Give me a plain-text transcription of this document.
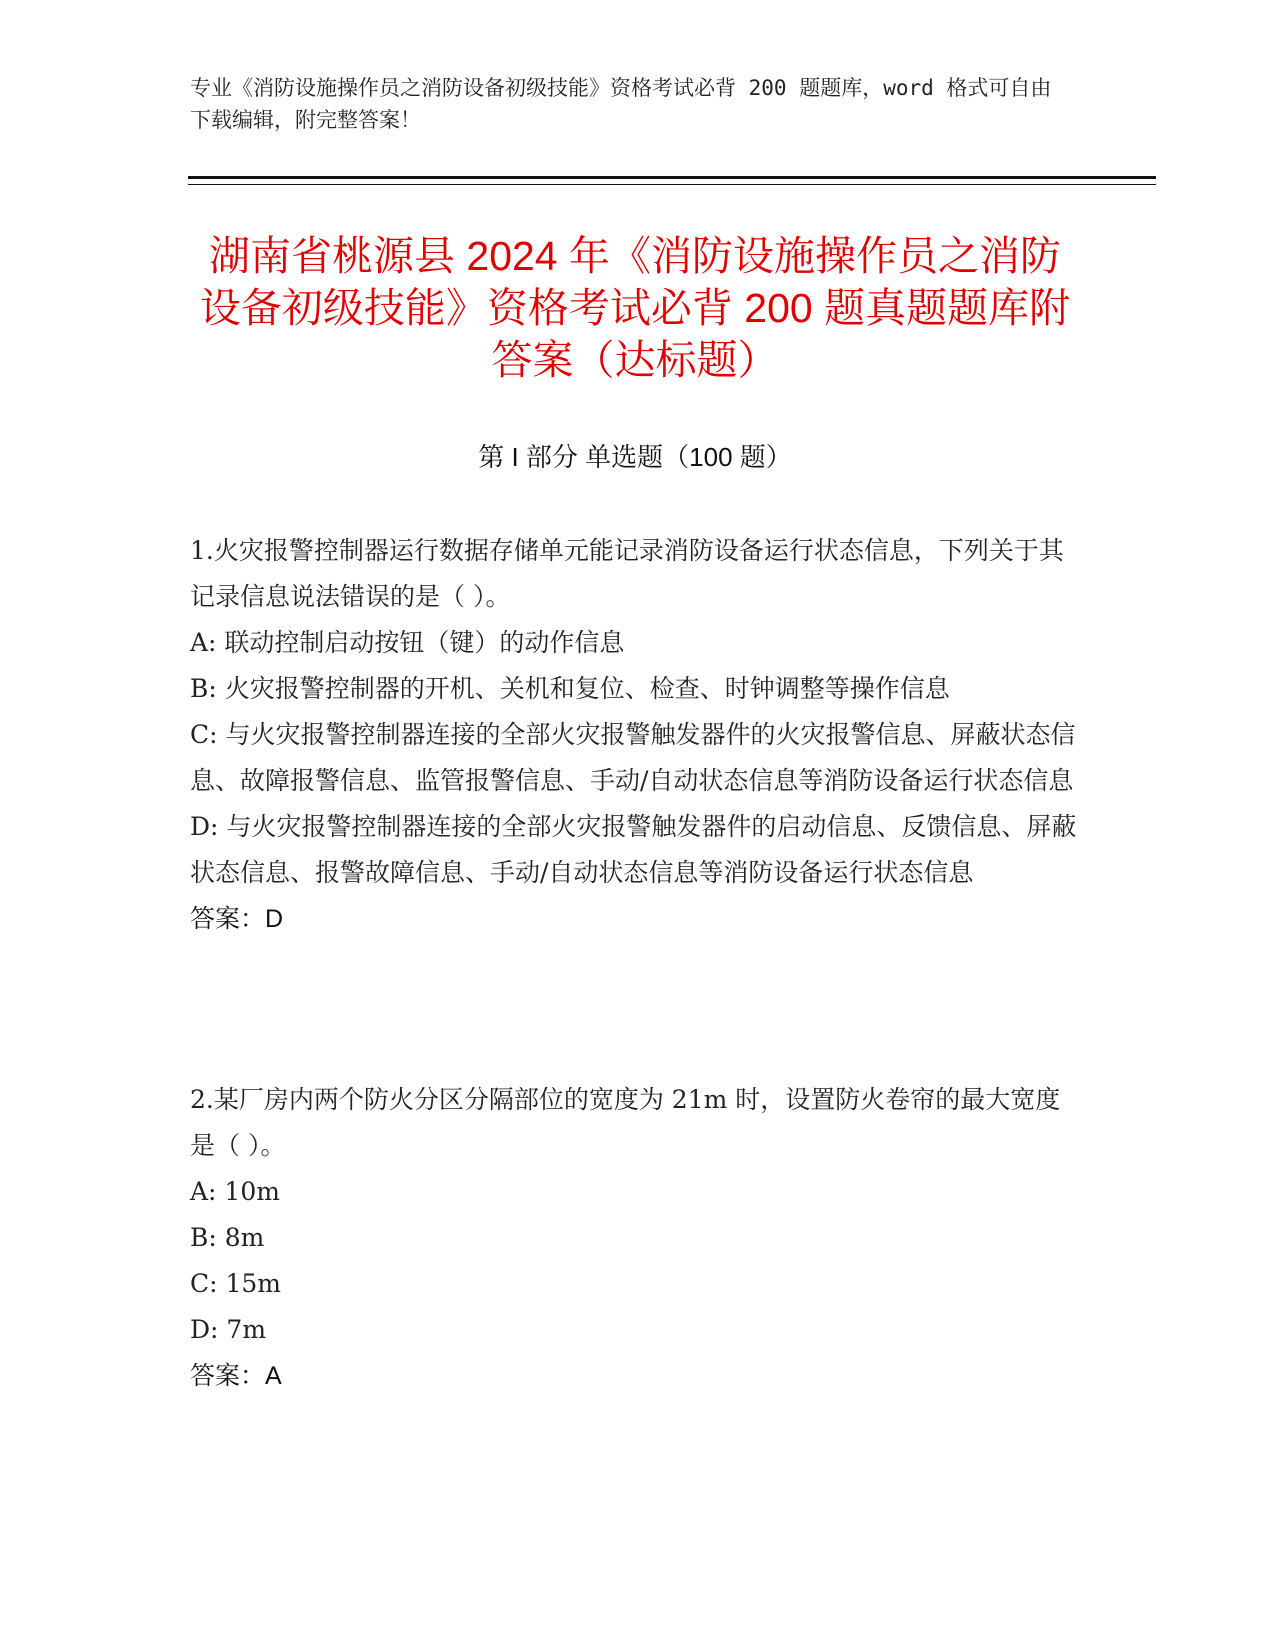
专业《消防设施操作员之消防设备初级技能》资格考试必背 200 题题库，word 格式可自由下载编辑，附完整答案！
湖南省桃源县 2024 年《消防设施操作员之消防设备初级技能》资格考试必背 200 题真题题库附答案（达标题）
第 I 部分 单选题（100 题）
1.火灾报警控制器运行数据存储单元能记录消防设备运行状态信息，下列关于其记录信息说法错误的是（ ）。
A: 联动控制启动按钮（键）的动作信息
B: 火灾报警控制器的开机、关机和复位、检查、时钟调整等操作信息
C: 与火灾报警控制器连接的全部火灾报警触发器件的火灾报警信息、屏蔽状态信息、故障报警信息、监管报警信息、手动/自动状态信息等消防设备运行状态信息
D: 与火灾报警控制器连接的全部火灾报警触发器件的启动信息、反馈信息、屏蔽状态信息、报警故障信息、手动/自动状态信息等消防设备运行状态信息
答案：D
2.某厂房内两个防火分区分隔部位的宽度为 21m 时，设置防火卷帘的最大宽度是（ ）。
A: 10m
B: 8m
C: 15m
D: 7m
答案：A
